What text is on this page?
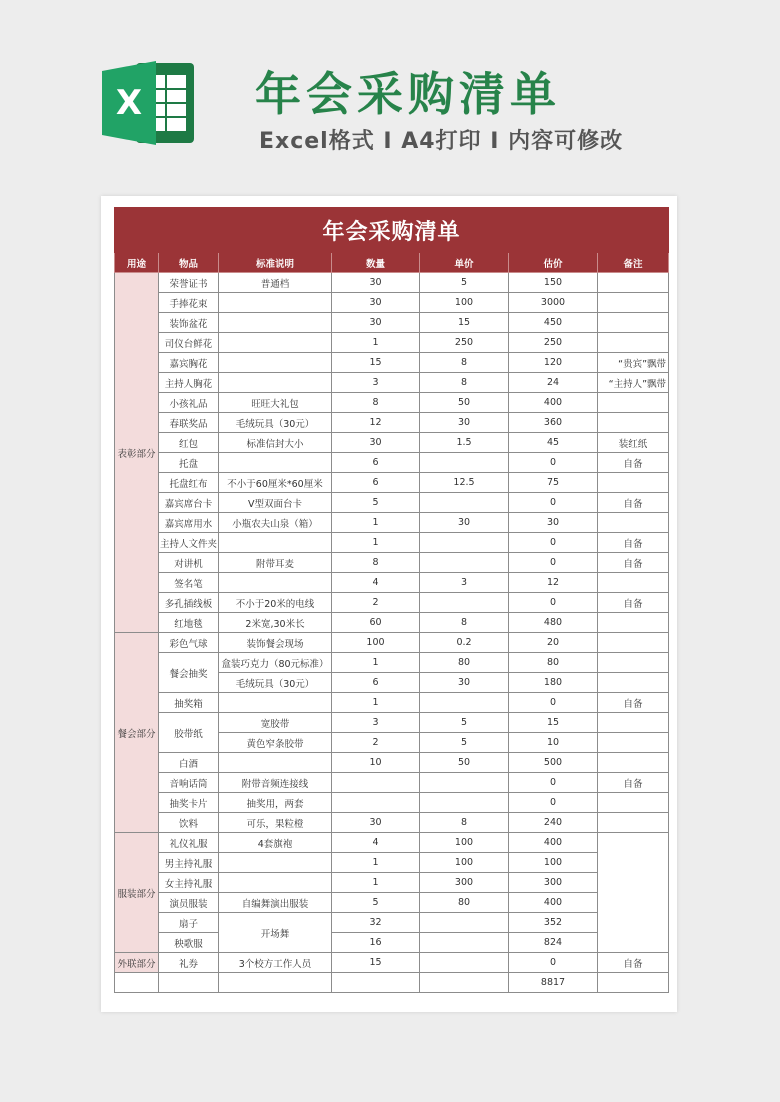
X 年会采购清单
Excel格式 I A4打印 I 内容可修改
年会采购清单						
用途	物品	标准说明	数量	单价	估价	备注
表彰部分	荣誉证书	普通档	30	5	150	
	手捧花束		30	100	3000	
	装饰盆花		30	15	450	
	司仪台鲜花		1	250	250	
	嘉宾胸花		15	8	120	“贵宾”飘带
	主持人胸花		3	8	24	“主持人”飘带
	小孩礼品	旺旺大礼包	8	50	400	
	春联奖品	毛绒玩具（30元）	12	30	360	
	红包	标准信封大小	30	1.5	45	装红纸
	托盘		6		0	自备
	托盘红布	不小于60厘米*60厘米	6	12.5	75	
	嘉宾席台卡	V型双面台卡	5		0	自备
	嘉宾席用水	小瓶农夫山泉（箱）	1	30	30	
	主持人文件夹		1		0	自备
	对讲机	附带耳麦	8		0	自备
	签名笔		4	3	12	
	多孔插线板	不小于20米的电线	2		0	自备
	红地毯	2米宽,30米长	60	8	480	
餐会部分	彩色气球	装饰餐会现场	100	0.2	20	
	餐会抽奖	盒装巧克力（80元标准）	1	80	80	
		毛绒玩具（30元）	6	30	180	
	抽奖箱		1		0	自备
	胶带纸	宽胶带	3	5	15	
		黄色窄条胶带	2	5	10	
	白酒		10	50	500	
	音响话筒	附带音频连接线			0	自备
	抽奖卡片	抽奖用，两套			0	
	饮料	可乐，果粒橙	30	8	240	
服装部分	礼仪礼服	4套旗袍	4	100	400	
	男主持礼服		1	100	100	
	女主持礼服		1	300	300	
	演员服装	自编舞演出服装	5	80	400	
	扇子	开场舞	32		352	
	秧歌服		16		824	
外联部分	礼券	3个校方工作人员	15		0	自备
					8817	
